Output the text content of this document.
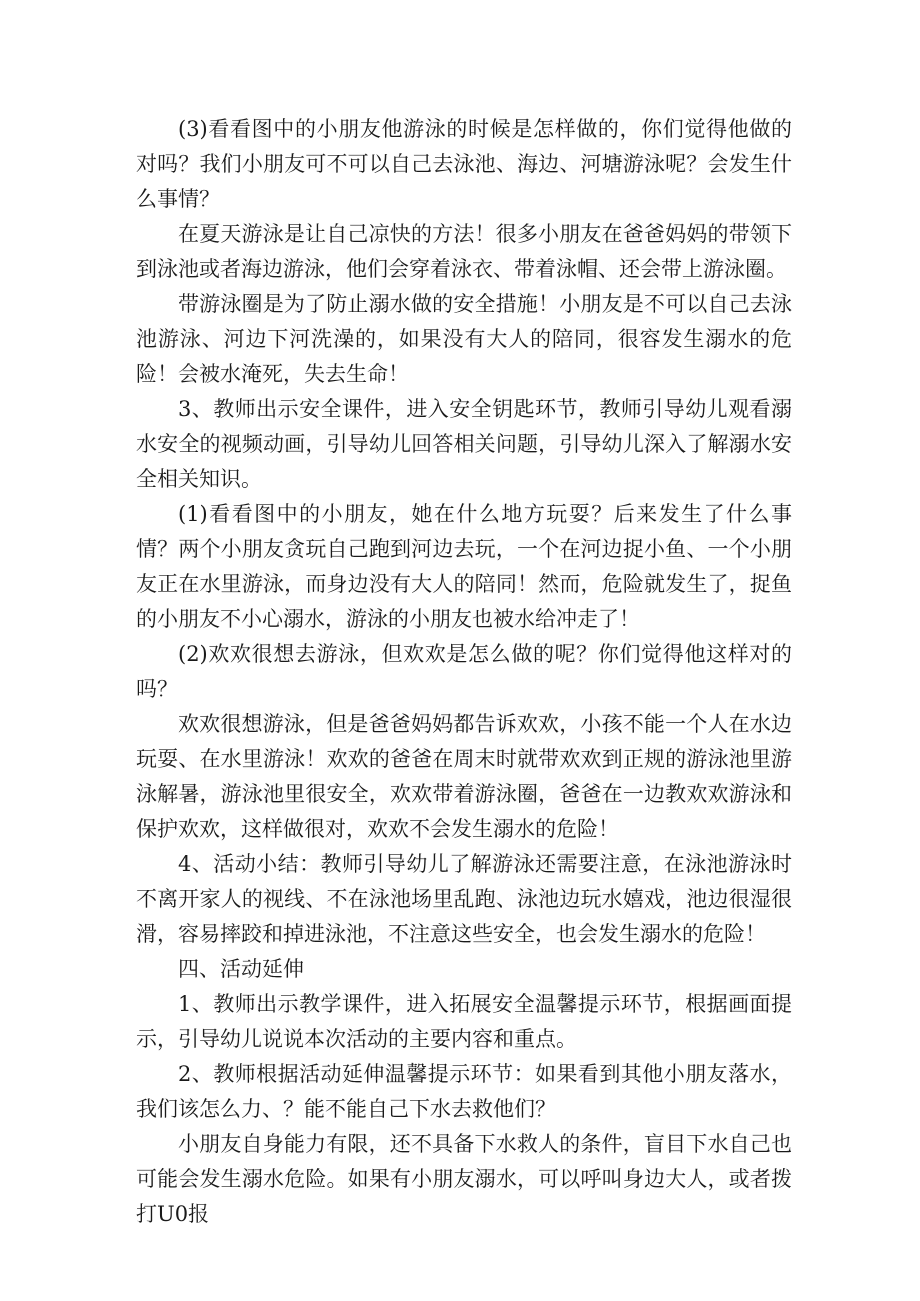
(3)看看图中的小朋友他游泳的时候是怎样做的，你们觉得他做的对吗？我们小朋友可不可以自己去泳池、海边、河塘游泳呢？会发生什么事情？

在夏天游泳是让自己凉快的方法！很多小朋友在爸爸妈妈的带领下到泳池或者海边游泳，他们会穿着泳衣、带着泳帽、还会带上游泳圈。

带游泳圈是为了防止溺水做的安全措施！小朋友是不可以自己去泳池游泳、河边下河洗澡的，如果没有大人的陪同，很容发生溺水的危险！会被水淹死，失去生命！

3、教师出示安全课件，进入安全钥匙环节，教师引导幼儿观看溺水安全的视频动画，引导幼儿回答相关问题，引导幼儿深入了解溺水安全相关知识。

(1)看看图中的小朋友，她在什么地方玩耍？后来发生了什么事情？两个小朋友贪玩自己跑到河边去玩，一个在河边捉小鱼、一个小朋友正在水里游泳，而身边没有大人的陪同！然而，危险就发生了，捉鱼的小朋友不小心溺水，游泳的小朋友也被水给冲走了！

(2)欢欢很想去游泳，但欢欢是怎么做的呢？你们觉得他这样对的吗？

欢欢很想游泳，但是爸爸妈妈都告诉欢欢，小孩不能一个人在水边玩耍、在水里游泳！欢欢的爸爸在周末时就带欢欢到正规的游泳池里游泳解暑，游泳池里很安全，欢欢带着游泳圈，爸爸在一边教欢欢游泳和保护欢欢，这样做很对，欢欢不会发生溺水的危险！

4、活动小结：教师引导幼儿了解游泳还需要注意，在泳池游泳时不离开家人的视线、不在泳池场里乱跑、泳池边玩水嬉戏，池边很湿很滑，容易摔跤和掉进泳池，不注意这些安全，也会发生溺水的危险！

四、活动延伸

1、教师出示教学课件，进入拓展安全温馨提示环节，根据画面提示，引导幼儿说说本次活动的主要内容和重点。

2、教师根据活动延伸温馨提示环节：如果看到其他小朋友落水，我们该怎么力、？能不能自己下水去救他们？

小朋友自身能力有限，还不具备下水救人的条件，盲目下水自己也可能会发生溺水危险。如果有小朋友溺水，可以呼叫身边大人，或者拨打U0报
